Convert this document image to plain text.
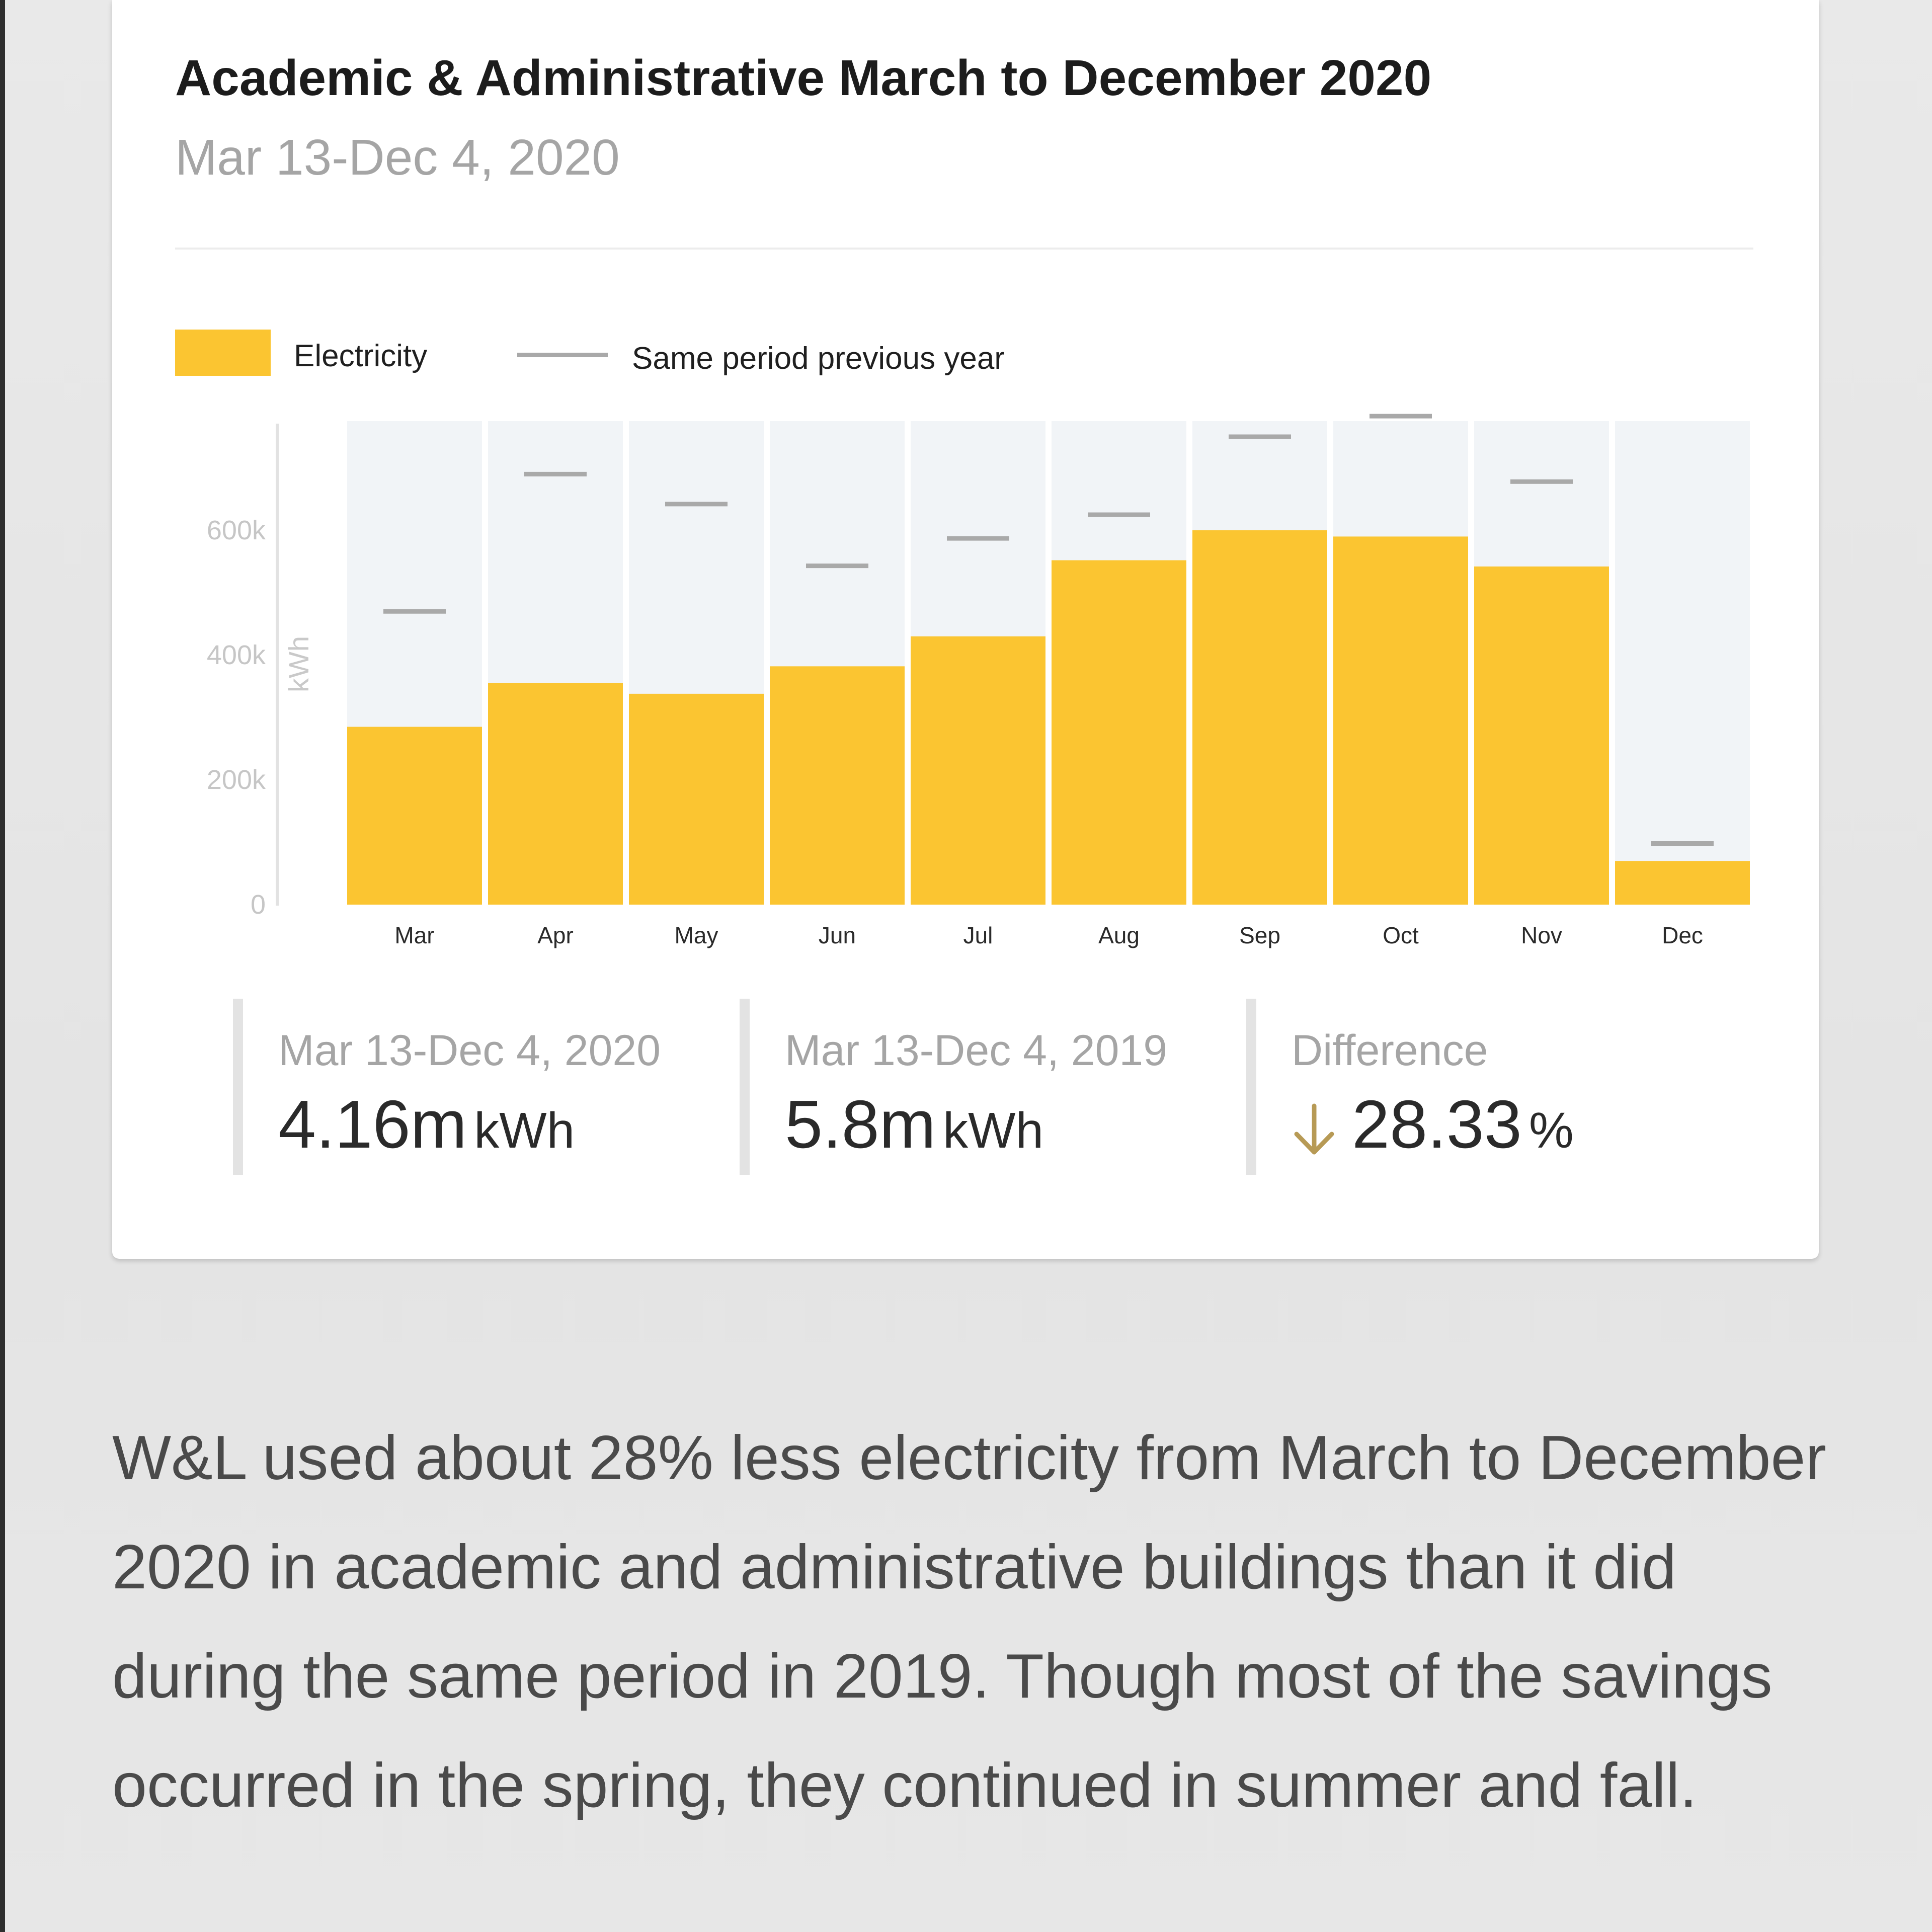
Academic & Administrative March to December 2020
Mar 13-Dec 4, 2020
Electricity	Same period previous year
0
200k
400k
600k
kWh
Mar	Apr	May	Jun	Jul	Aug	Sep	Oct	Nov	Dec
Mar 13-Dec 4, 2020
4.16m kWh
Mar 13-Dec 4, 2019
5.8m kWh
Difference
28.33 %
W&L used about 28% less electricity from March to December 2020 in academic and administrative buildings than it did during the same period in 2019. Though most of the savings occurred in the spring, they continued in summer and fall.
